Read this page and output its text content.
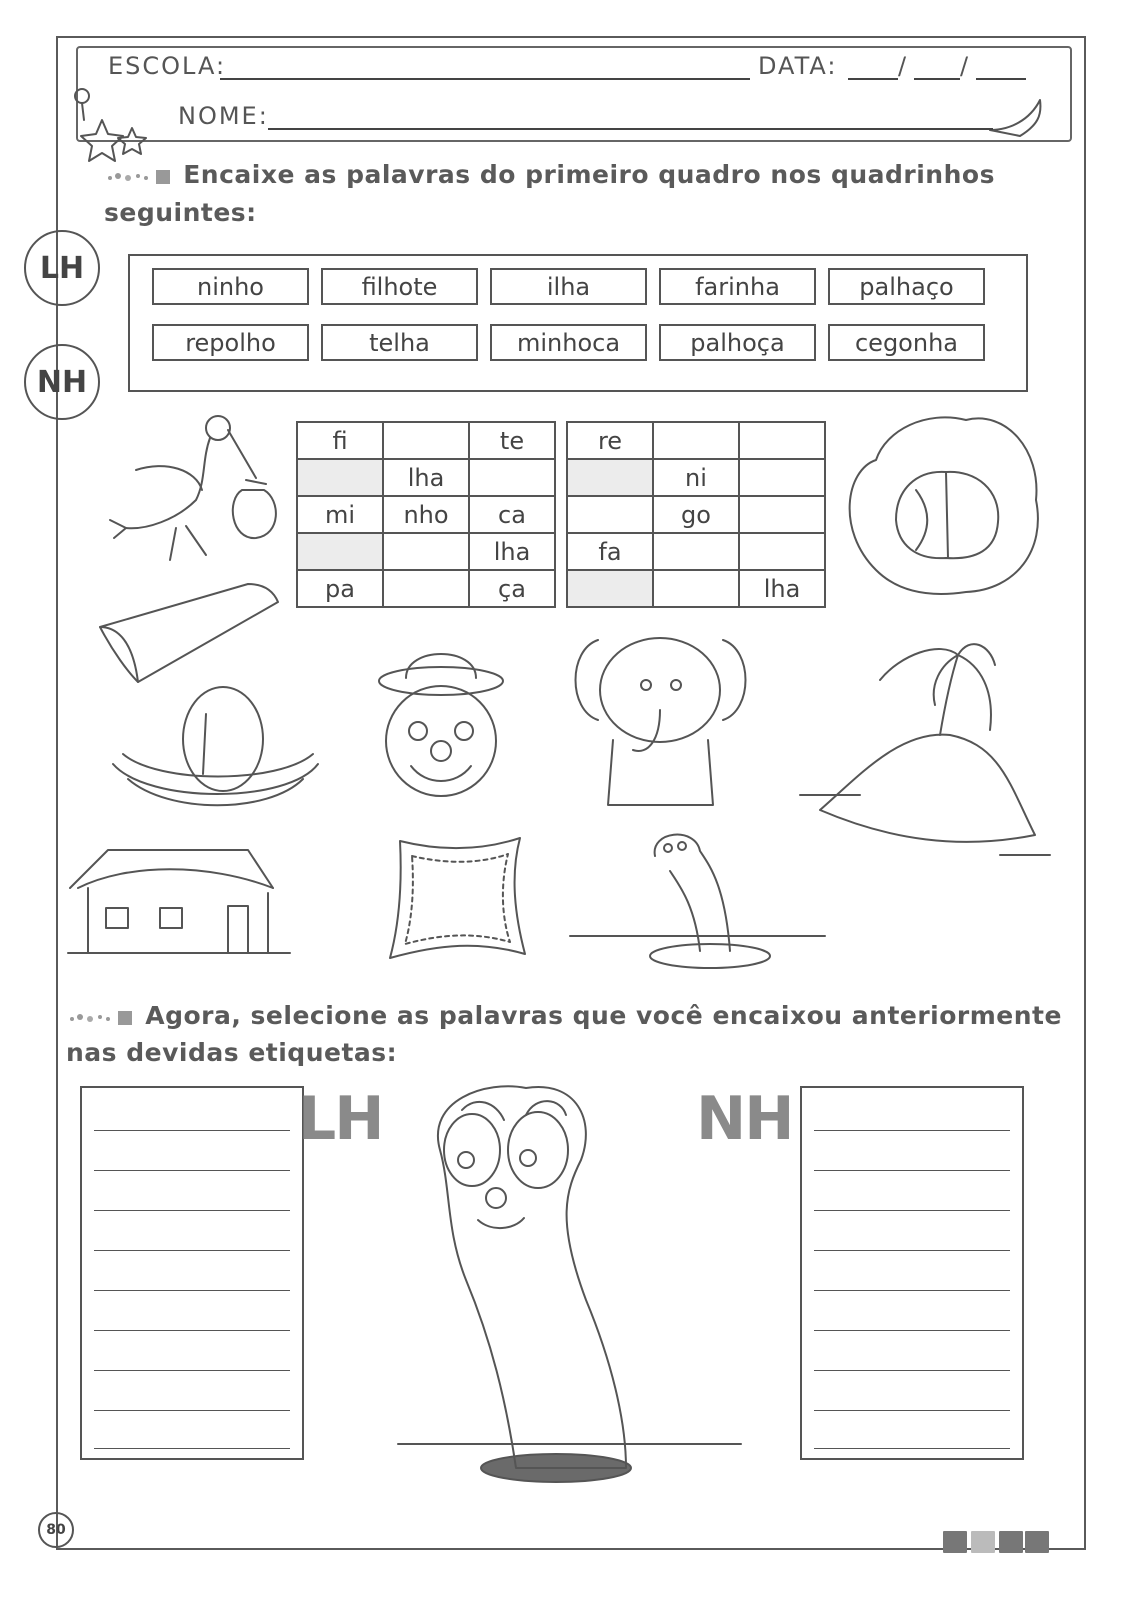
ESCOLA:	DATA:	/ /
NOME:
Encaixe as palavras do primeiro quadro nos quadrinhos
seguintes:
LH
NH
ninho	filhote	ilha	farinha	palhaço
repolho	telha	minhoca	palhoça	cegonha
fi		te
	lha	
mi	nho	ca
		lha
pa		ça
re		
	ni	
	go	
fa		
		lha
Agora, selecione as palavras que você encaixou anteriormente
nas devidas etiquetas:
LH	NH
80
